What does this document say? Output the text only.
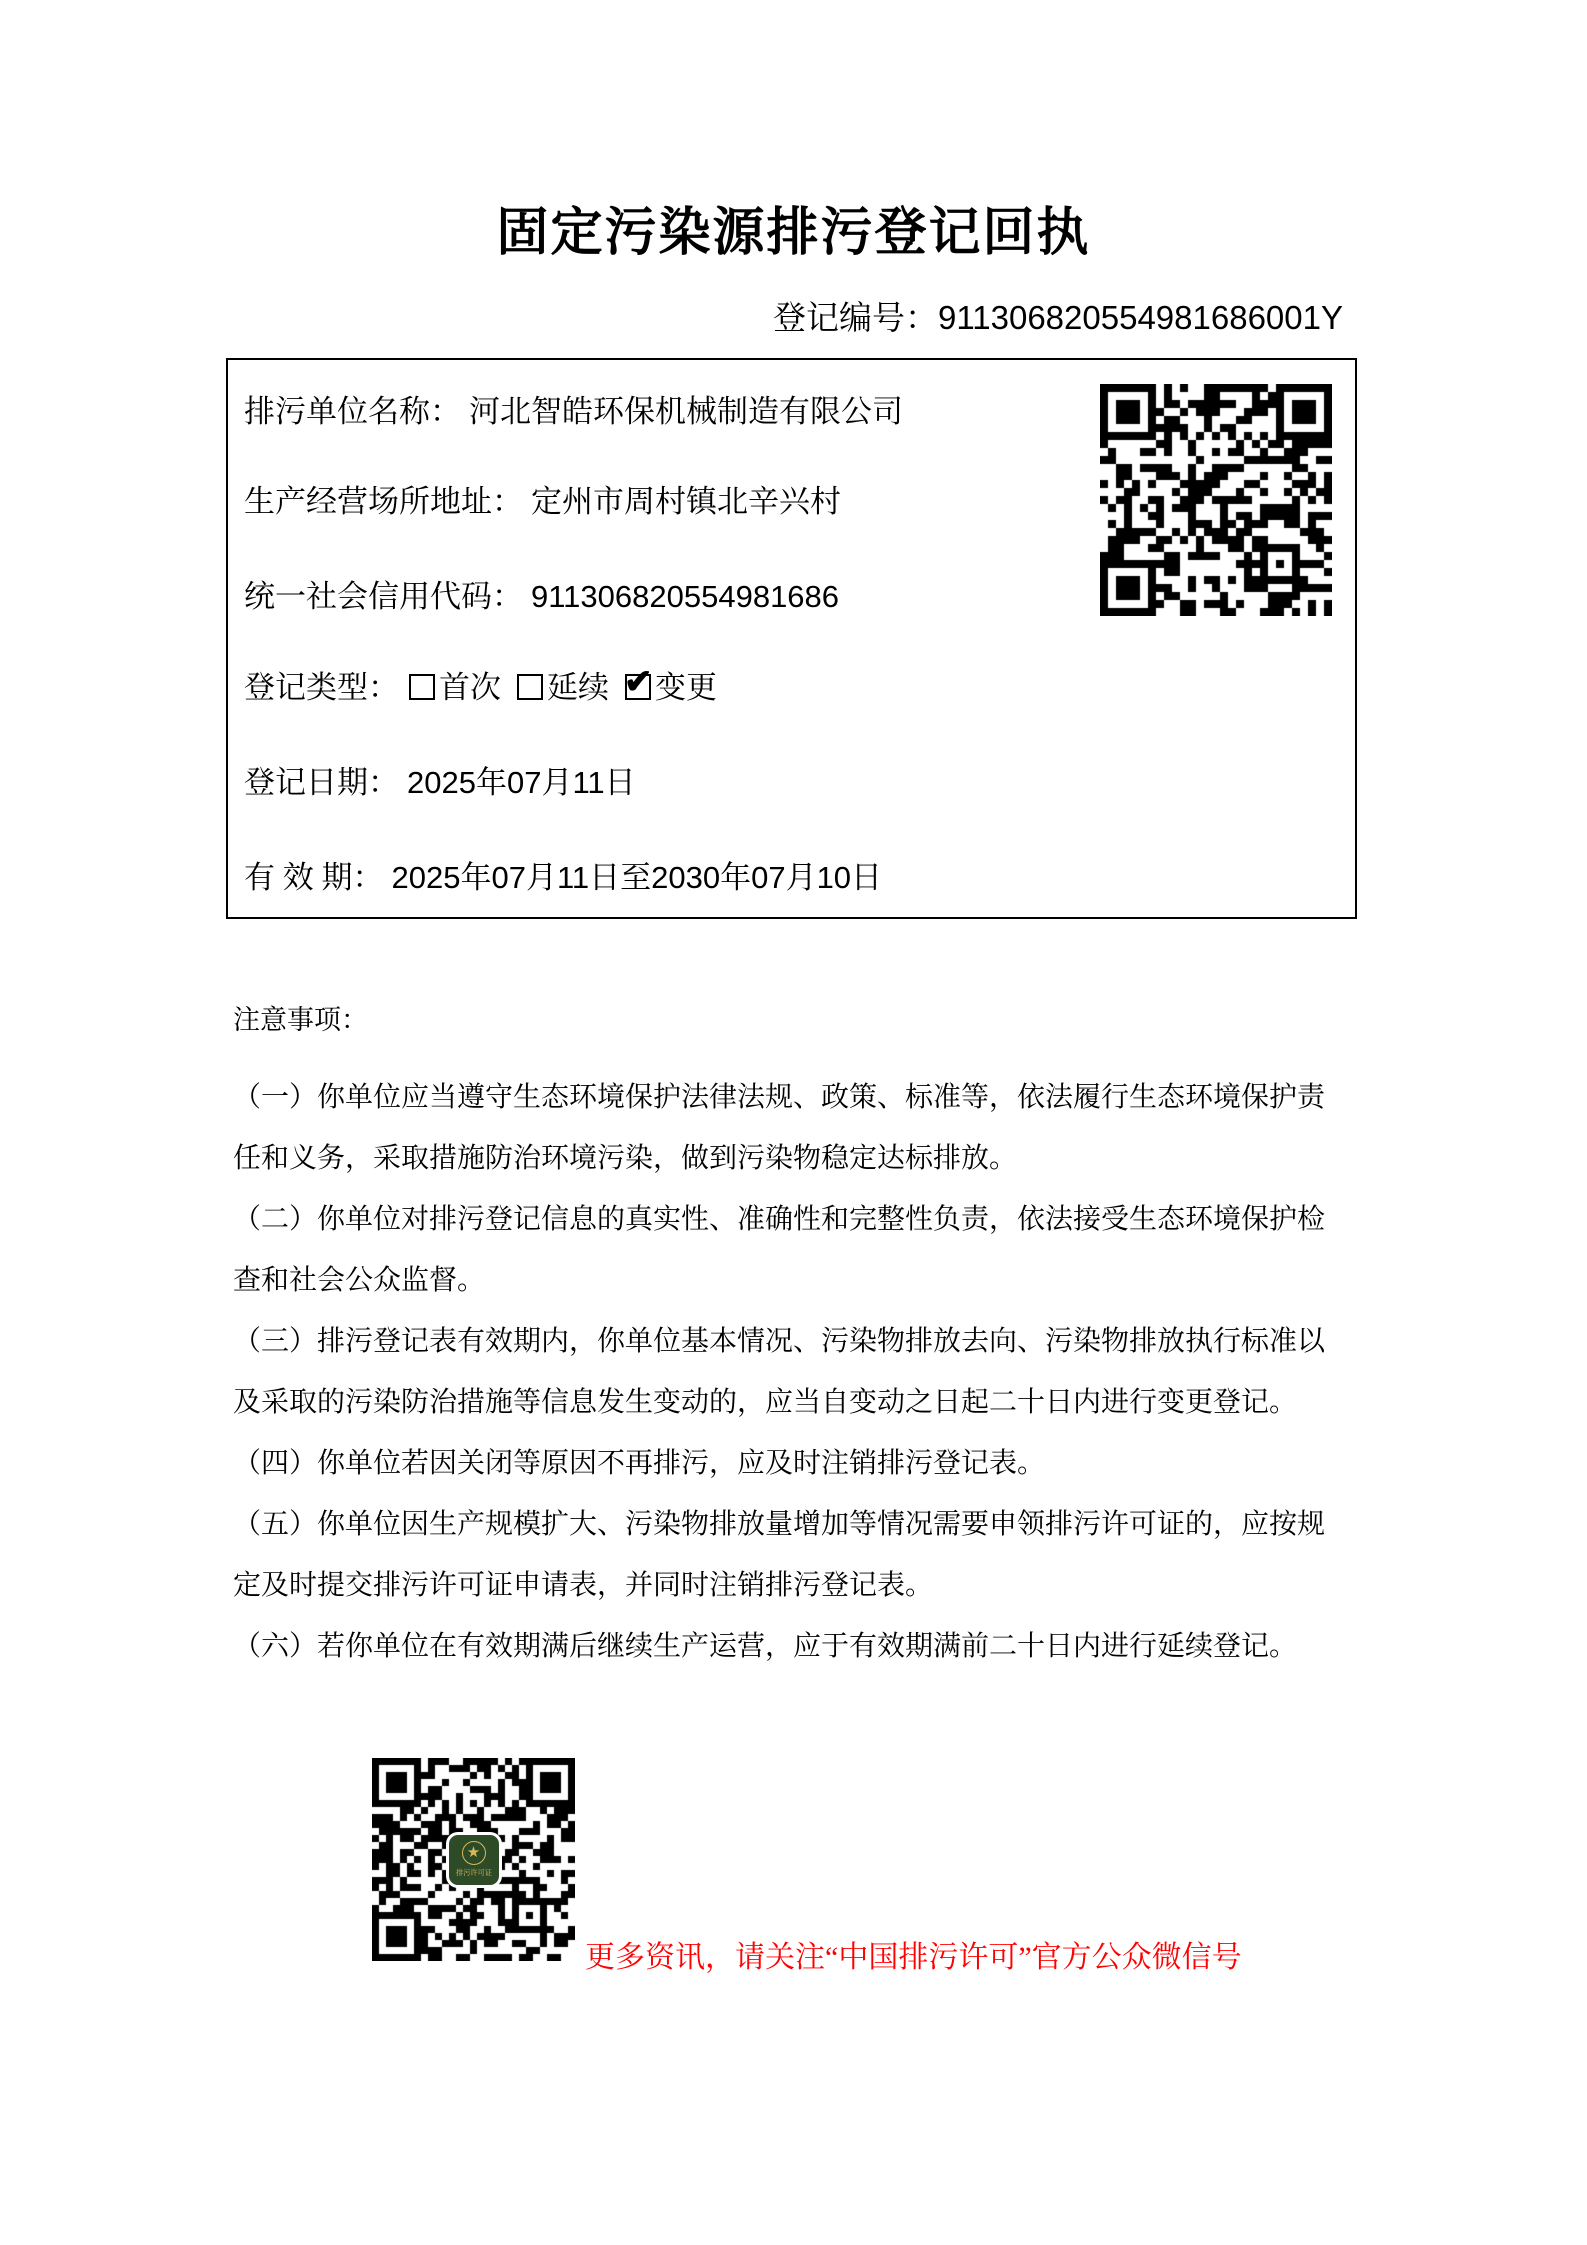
固定污染源排污登记回执
登记编号：911306820554981686001Y
排污单位名称： 河北智皓环保机械制造有限公司
生产经营场所地址： 定州市周村镇北辛兴村
统一社会信用代码： 911306820554981686
登记类型： 首次 延续 ✔ 变更
登记日期： 2025年07月11日
有 效 期： 2025年07月11日至2030年07月10日
注意事项：
（一）你单位应当遵守生态环境保护法律法规、政策、标准等，依法履行生态环境保护责
任和义务，采取措施防治环境污染，做到污染物稳定达标排放。
（二）你单位对排污登记信息的真实性、准确性和完整性负责，依法接受生态环境保护检
查和社会公众监督。
（三）排污登记表有效期内，你单位基本情况、污染物排放去向、污染物排放执行标准以
及采取的污染防治措施等信息发生变动的，应当自变动之日起二十日内进行变更登记。
（四）你单位若因关闭等原因不再排污，应及时注销排污登记表。
（五）你单位因生产规模扩大、污染物排放量增加等情况需要申领排污许可证的，应按规
定及时提交排污许可证申请表，并同时注销排污登记表。
（六）若你单位在有效期满后继续生产运营，应于有效期满前二十日内进行延续登记。
★
排污许可证
更多资讯，请关注“中国排污许可”官方公众微信号
